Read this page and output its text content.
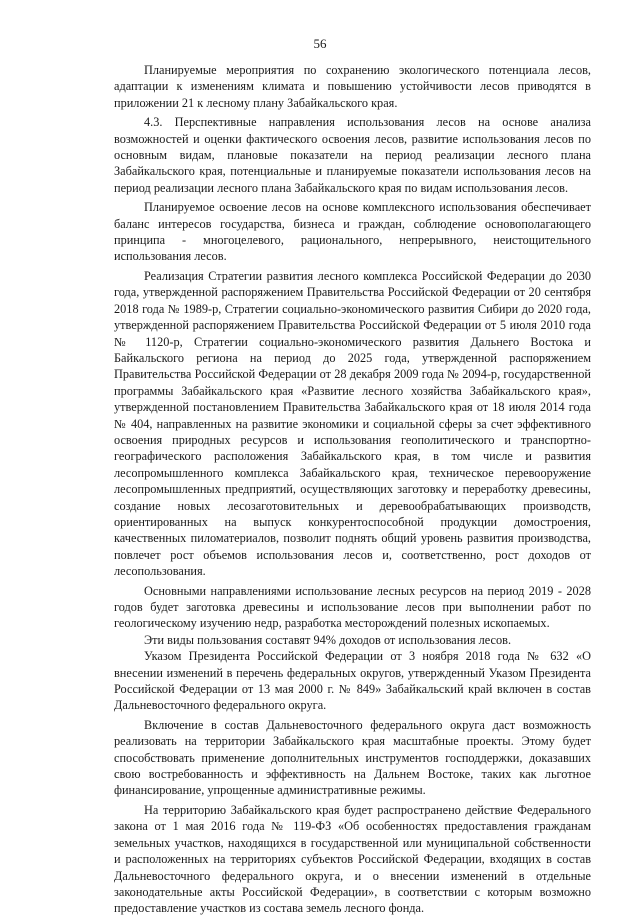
56

Планируемые мероприятия по сохранению экологического потенциала лесов, адаптации к изменениям климата и повышению устойчивости лесов приводятся в приложении 21 к лесному плану Забайкальского края.

4.3. Перспективные направления использования лесов на основе анализа возможностей и оценки фактического освоения лесов, развитие использования лесов по основным видам, плановые показатели на период реализации лесного плана Забайкальского края, потенциальные и планируемые показатели использования лесов на период реализации лесного плана Забайкальского края по видам использования лесов.

Планируемое освоение лесов на основе комплексного использования обеспечивает баланс интересов государства, бизнеса и граждан, соблюдение основополагающего принципа - многоцелевого, рационального, непрерывного, неистощительного использования лесов.

Реализация Стратегии развития лесного комплекса Российской Федерации до 2030 года, утвержденной распоряжением Правительства Российской Федерации от 20 сентября 2018 года № 1989-р, Стратегии социально-экономического развития Сибири до 2020 года, утвержденной распоряжением Правительства Российской Федерации от 5 июля 2010 года № 1120-р, Стратегии социально-экономического развития Дальнего Востока и Байкальского региона на период до 2025 года, утвержденной распоряжением Правительства Российской Федерации от 28 декабря 2009 года № 2094-р, государственной программы Забайкальского края «Развитие лесного хозяйства Забайкальского края», утвержденной постановлением Правительства Забайкальского края от 18 июля 2014 года № 404, направленных на развитие экономики и социальной сферы за счет эффективного освоения природных ресурсов и использования геополитического и транспортно-географического расположения Забайкальского края, в том числе и развития лесопромышленного комплекса Забайкальского края, техническое перевооружение лесопромышленных предприятий, осуществляющих заготовку и переработку древесины, создание новых лесозаготовительных и деревообрабатывающих производств, ориентированных на выпуск конкурентоспособной продукции домостроения, качественных пиломатериалов, позволит поднять общий уровень развития производства, повлечет рост объемов использования лесов и, соответственно, рост доходов от лесопользования.

Основными направлениями использование лесных ресурсов на период 2019 - 2028 годов будет заготовка древесины и использование лесов при выполнении работ по геологическому изучению недр, разработка месторождений полезных ископаемых.

Эти виды пользования составят 94% доходов от использования лесов.

Указом Президента Российской Федерации от 3 ноября 2018 года № 632 «О внесении изменений в перечень федеральных округов, утвержденный Указом Президента Российской Федерации от 13 мая 2000 г. № 849» Забайкальский край включен в состав Дальневосточного федерального округа.

Включение в состав Дальневосточного федерального округа даст возможность реализовать на территории Забайкальского края масштабные проекты. Этому будет способствовать применение дополнительных инструментов господдержки, доказавших свою востребованность и эффективность на Дальнем Востоке, таких как льготное финансирование, упрощенные административные режимы.

На территорию Забайкальского края будет распространено действие Федерального закона от 1 мая 2016 года № 119-ФЗ «Об особенностях предоставления гражданам земельных участков, находящихся в государственной или муниципальной собственности и расположенных на территориях субъектов Российской Федерации, входящих в состав Дальневосточного федерального округа, и о внесении изменений в отдельные законодательные акты Российской Федерации», в соответствии с которым возможно предоставление участков из состава земель лесного фонда.
